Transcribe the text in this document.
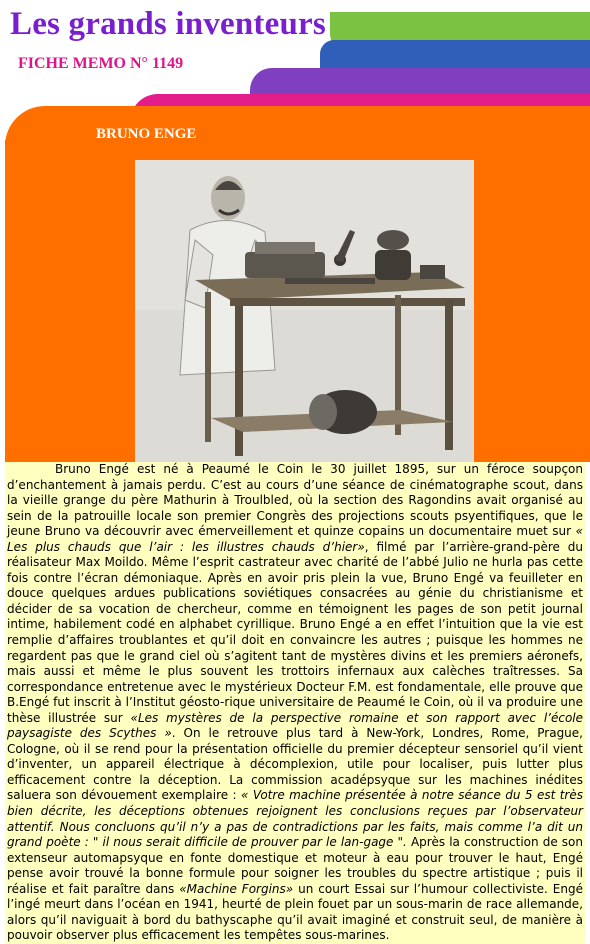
Les grands inventeurs
FICHE MEMO N° 1149
BRUNO ENGE

Bruno Engé est né à Peaumé le Coin le 30 juillet 1895, sur un féroce soupçon d’enchantement à jamais perdu. C’est au cours d’une séance de cinématographe scout, dans la vieille grange du père Mathurin à Troulbled, où la section des Ragondins avait organisé au sein de la patrouille locale son premier Congrès des projections scouts psyentifiques, que le jeune Bruno va découvrir avec émerveillement et quinze copains un documentaire muet sur « Les plus chauds que l’air : les illustres chauds d’hier», filmé par l’arrière-grand-père du réalisateur Max Moildo. Même l’esprit castrateur avec charité de l’abbé Julio ne hurla pas cette fois contre l’écran démoniaque. Après en avoir pris plein la vue, Bruno Engé va feuilleter en douce quelques ardues publications soviétiques consacrées au génie du christianisme et décider de sa vocation de chercheur, comme en témoignent les pages de son petit journal intime, habilement codé en alphabet cyrillique. Bruno Engé a en effet l’intuition que la vie est remplie d’affaires troublantes et qu’il doit en convaincre les autres ; puisque les hommes ne regardent pas que le grand ciel où s’agitent tant de mystères divins et les premiers aéronefs, mais aussi et même le plus souvent les trottoirs infernaux aux calèches traîtresses. Sa correspondance entretenue avec le mystérieux Docteur F.M. est fondamentale, elle prouve que B.Engé fut inscrit à l’Institut géosto-rique universitaire de Peaumé le Coin, où il va produire une thèse illustrée sur «Les mystères de la perspective romaine et son rapport avec l’école paysagiste des Scythes ». On le retrouve plus tard à New-York, Londres, Rome, Prague, Cologne, où il se rend pour la présentation officielle du premier décepteur sensoriel qu’il vient d’inventer, un appareil électrique à décomplexion, utile pour localiser, puis lutter plus efficacement contre la déception. La commission acadépsyque sur les machines inédites saluera son dévouement exemplaire : « Votre machine présentée à notre séance du 5 est très bien décrite, les déceptions obtenues rejoignent les conclusions reçues par l’observateur attentif. Nous concluons qu’il n’y a pas de contradictions par les faits, mais comme l’a dit un grand poète : " il nous serait difficile de prouver par le lan-gage ". Après la construction de son extenseur automapsyque en fonte domestique et moteur à eau pour trouver le haut, Engé pense avoir trouvé la bonne formule pour soigner les troubles du spectre artistique ; puis il réalise et fait paraître dans «Machine Forgins» un court Essai sur l’humour collectiviste. Engé l’ingé meurt dans l’océan en 1941, heurté de plein fouet par un sous-marin de race allemande, alors qu’il naviguait à bord du bathyscaphe qu’il avait imaginé et construit seul, de manière à pouvoir observer plus efficacement les tempêtes sous-marines.
